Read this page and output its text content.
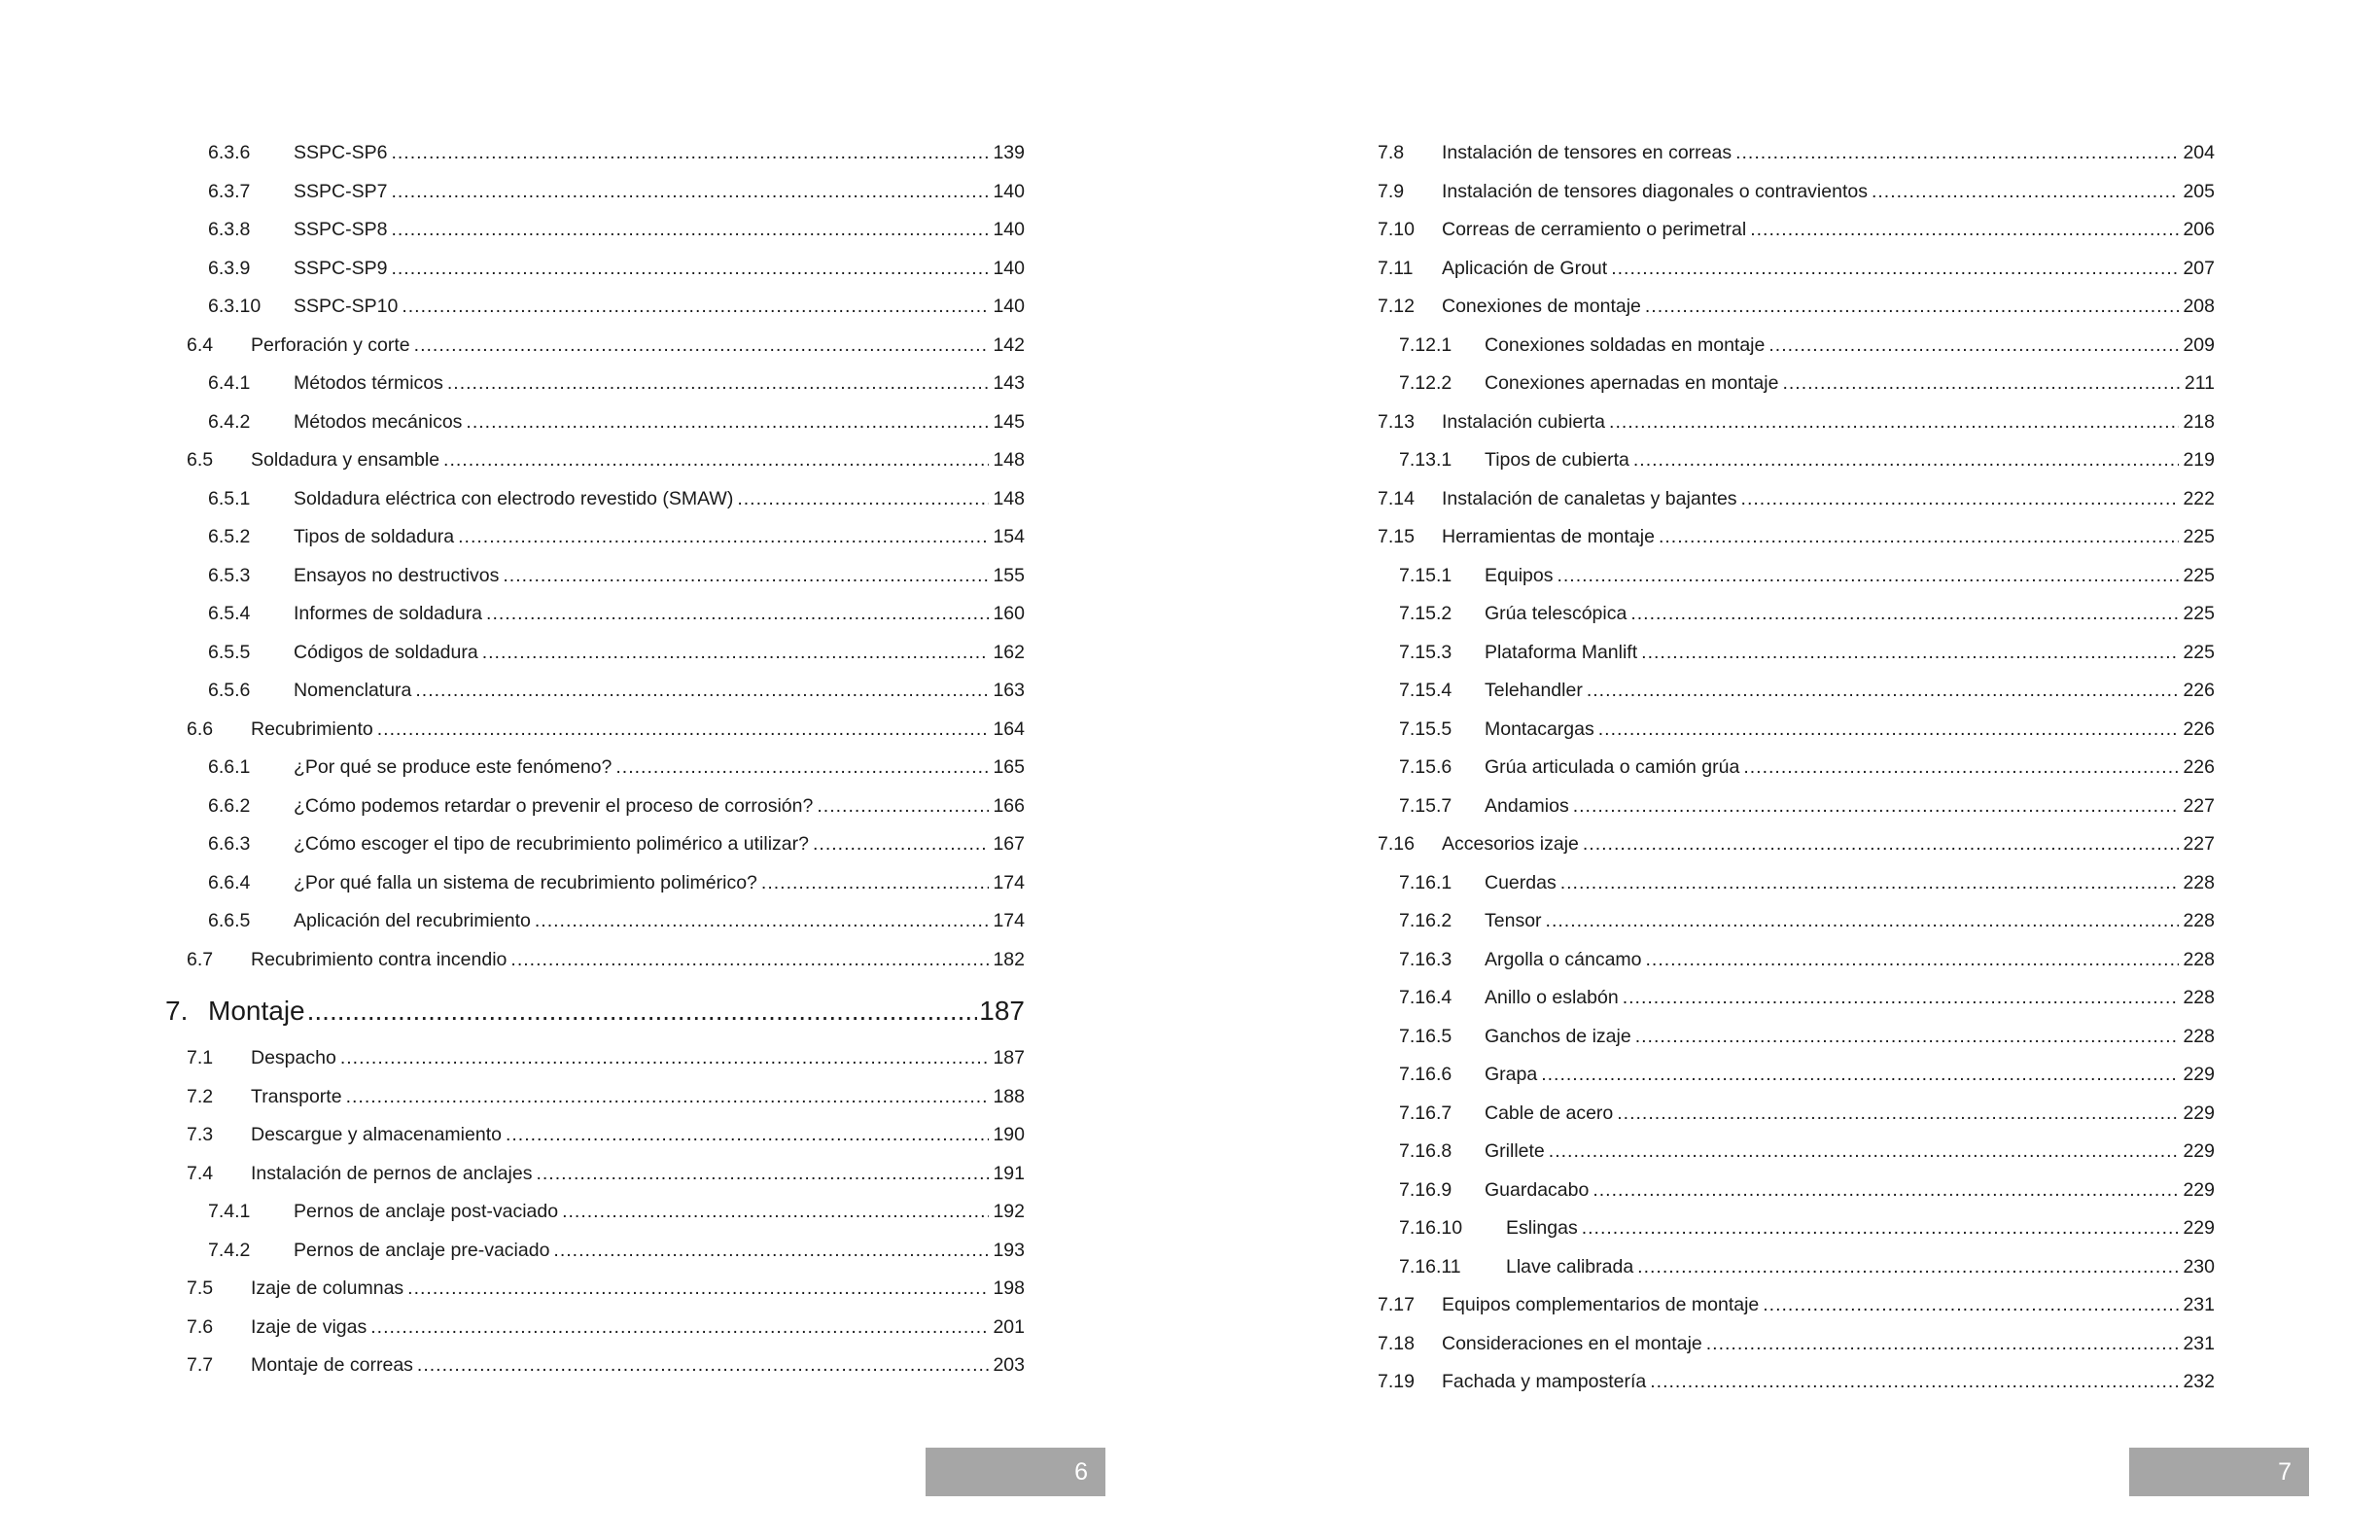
6.3.6 SSPC-SP6 .....	139
6.3.7 SSPC-SP7 .....	140
6.3.8 SSPC-SP8 .....	140
6.3.9 SSPC-SP9 .....	140
6.3.10 SSPC-SP10 .....	140
6.4 Perforación y corte .....	142
6.4.1 Métodos térmicos .....	143
6.4.2 Métodos mecánicos .....	145
6.5 Soldadura y ensamble .....	148
6.5.1 Soldadura eléctrica con electrodo revestido (SMAW) .....	148
6.5.2 Tipos de soldadura .....	154
6.5.3 Ensayos no destructivos .....	155
6.5.4 Informes de soldadura .....	160
6.5.5 Códigos de soldadura .....	162
6.5.6 Nomenclatura .....	163
6.6 Recubrimiento .....	164
6.6.1 ¿Por qué se produce este fenómeno? .....	165
6.6.2 ¿Cómo podemos retardar o prevenir el proceso de corrosión? .....	166
6.6.3 ¿Cómo escoger el tipo de recubrimiento polimérico a utilizar? .....	167
6.6.4 ¿Por qué falla un sistema de recubrimiento polimérico? .....	174
6.6.5 Aplicación del recubrimiento .....	174
6.7 Recubrimiento contra incendio .....	182
7. Montaje .....	187
7.1 Despacho .....	187
7.2 Transporte .....	188
7.3 Descargue y almacenamiento .....	190
7.4 Instalación de pernos de anclajes .....	191
7.4.1 Pernos de anclaje post-vaciado .....	192
7.4.2 Pernos de anclaje pre-vaciado .....	193
7.5 Izaje de columnas .....	198
7.6 Izaje de vigas .....	201
7.7 Montaje de correas .....	203
6
7.8 Instalación de tensores en correas .....	204
7.9 Instalación de tensores diagonales o contravientos .....	205
7.10 Correas de cerramiento o perimetral .....	206
7.11 Aplicación de Grout .....	207
7.12 Conexiones de montaje .....	208
7.12.1 Conexiones soldadas en montaje .....	209
7.12.2 Conexiones apernadas en montaje .....	211
7.13 Instalación cubierta .....	218
7.13.1 Tipos de cubierta .....	219
7.14 Instalación de canaletas y bajantes .....	222
7.15 Herramientas de montaje .....	225
7.15.1 Equipos .....	225
7.15.2 Grúa telescópica .....	225
7.15.3 Plataforma Manlift .....	225
7.15.4 Telehandler .....	226
7.15.5 Montacargas .....	226
7.15.6 Grúa articulada o camión grúa .....	226
7.15.7 Andamios .....	227
7.16 Accesorios izaje .....	227
7.16.1 Cuerdas .....	228
7.16.2 Tensor .....	228
7.16.3 Argolla o cáncamo .....	228
7.16.4 Anillo o eslabón .....	228
7.16.5 Ganchos de izaje .....	228
7.16.6 Grapa .....	229
7.16.7 Cable de acero .....	229
7.16.8 Grillete .....	229
7.16.9 Guardacabo .....	229
7.16.10 Eslingas .....	229
7.16.11 Llave calibrada .....	230
7.17 Equipos complementarios de montaje .....	231
7.18 Consideraciones en el montaje .....	231
7.19 Fachada y mampostería .....	232
7
